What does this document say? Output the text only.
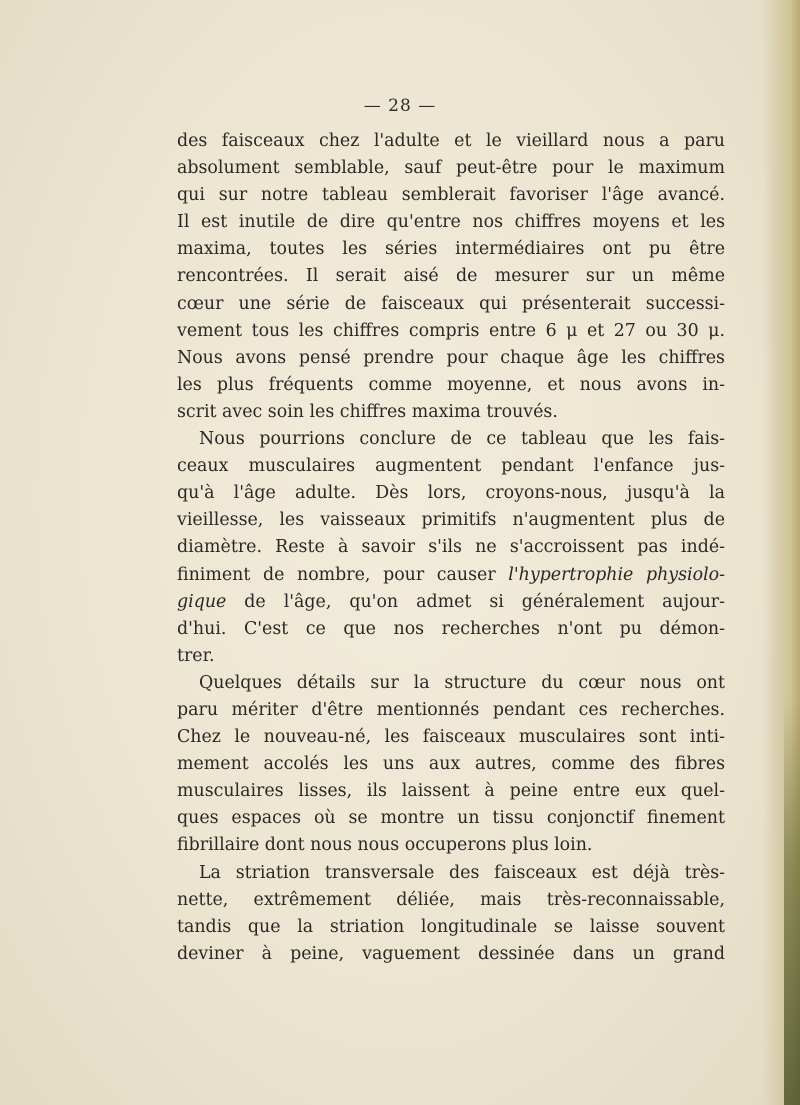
— 28 —
des faisceaux chez l'adulte et le vieillard nous a paru
absolument semblable, sauf peut-être pour le maximum
qui sur notre tableau semblerait favoriser l'âge avancé.
Il est inutile de dire qu'entre nos chiffres moyens et les
maxima, toutes les séries intermédiaires ont pu être
rencontrées. Il serait aisé de mesurer sur un même
cœur une série de faisceaux qui présenterait successi-
vement tous les chiffres compris entre 6 μ et 27 ou 30 μ.
Nous avons pensé prendre pour chaque âge les chiffres
les plus fréquents comme moyenne, et nous avons in-
scrit avec soin les chiffres maxima trouvés.
Nous pourrions conclure de ce tableau que les fais-
ceaux musculaires augmentent pendant l'enfance jus-
qu'à l'âge adulte. Dès lors, croyons-nous, jusqu'à la
vieillesse, les vaisseaux primitifs n'augmentent plus de
diamètre. Reste à savoir s'ils ne s'accroissent pas indé-
finiment de nombre, pour causer l'hypertrophie physiolo-
gique de l'âge, qu'on admet si généralement aujour-
d'hui. C'est ce que nos recherches n'ont pu démon-
trer.
Quelques détails sur la structure du cœur nous ont
paru mériter d'être mentionnés pendant ces recherches.
Chez le nouveau-né, les faisceaux musculaires sont inti-
mement accolés les uns aux autres, comme des fibres
musculaires lisses, ils laissent à peine entre eux quel-
ques espaces où se montre un tissu conjonctif finement
fibrillaire dont nous nous occuperons plus loin.
La striation transversale des faisceaux est déjà très-
nette, extrêmement déliée, mais très-reconnaissable,
tandis que la striation longitudinale se laisse souvent
deviner à peine, vaguement dessinée dans un grand
